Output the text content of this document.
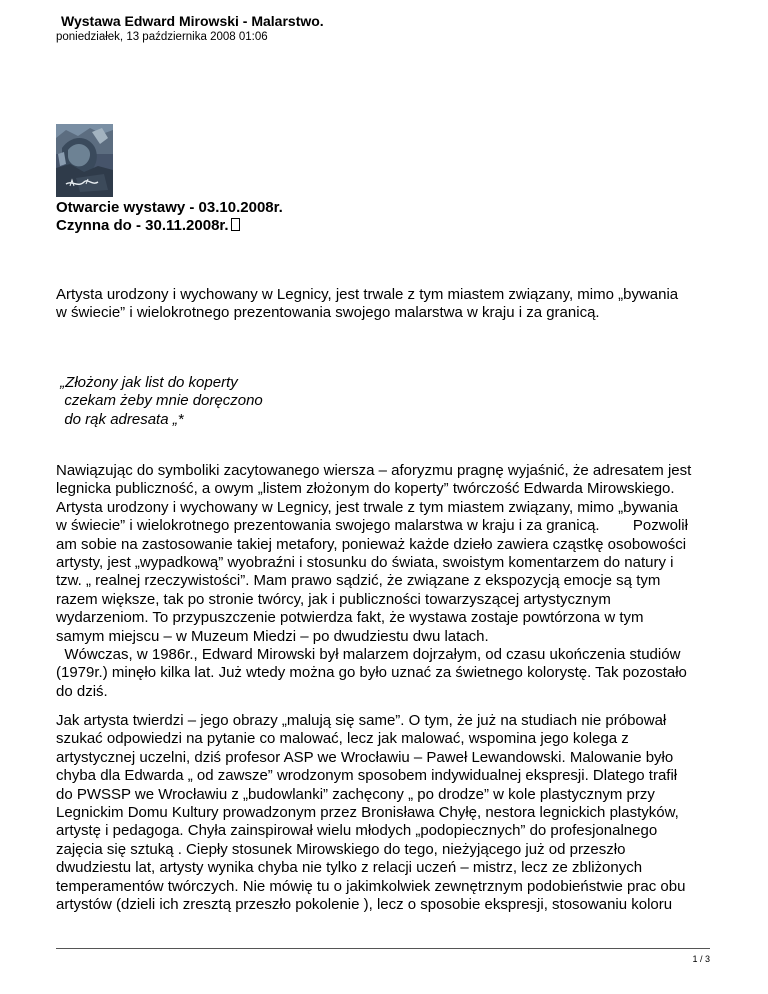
Wystawa Edward Mirowski - Malarstwo.
poniedziałek, 13 października 2008 01:06
Otwarcie wystawy - 03.10.2008r.
Czynna do - 30.11.2008r.

Artysta urodzony i wychowany w Legnicy, jest trwale z tym miastem związany, mimo „bywania
w świecie” i wielokrotnego prezentowania swojego malarstwa w kraju i za granicą.

„Złożony jak list do koperty
czekam żeby mnie doręczono
do rąk adresata „*

Nawiązując do symboliki zacytowanego wiersza – aforyzmu pragnę wyjaśnić, że adresatem jest
legnicka publiczność, a owym „listem złożonym do koperty” twórczość Edwarda Mirowskiego.
Artysta urodzony i wychowany w Legnicy, jest trwale z tym miastem związany, mimo „bywania
w świecie” i wielokrotnego prezentowania swojego malarstwa w kraju i za granicą.        Pozwolił
am sobie na zastosowanie takiej metafory, ponieważ każde dzieło zawiera cząstkę osobowości
artysty, jest „wypadkową” wyobraźni i stosunku do świata, swoistym komentarzem do natury i
tzw. „ realnej rzeczywistości”. Mam prawo sądzić, że związane z ekspozycją emocje są tym
razem większe, tak po stronie twórcy, jak i publiczności towarzyszącej artystycznym
wydarzeniom. To przypuszczenie potwierdza fakt, że wystawa zostaje powtórzona w tym
samym miejscu – w Muzeum Miedzi – po dwudziestu dwu latach.
Wówczas, w 1986r., Edward Mirowski był malarzem dojrzałym, od czasu ukończenia studiów
(1979r.) minęło kilka lat. Już wtedy można go było uznać za świetnego kolorystę. Tak pozostało
do dziś.

Jak artysta twierdzi – jego obrazy „malują się same”. O tym, że już na studiach nie próbował
szukać odpowiedzi na pytanie co malować, lecz jak malować, wspomina jego kolega z
artystycznej uczelni, dziś profesor ASP we Wrocławiu – Paweł Lewandowski. Malowanie było
chyba dla Edwarda „ od zawsze” wrodzonym sposobem indywidualnej ekspresji. Dlatego trafił
do PWSSP we Wrocławiu z „budowlanki” zachęcony „ po drodze” w kole plastycznym przy
Legnickim Domu Kultury prowadzonym przez Bronisława Chyłę, nestora legnickich plastyków,
artystę i pedagoga. Chyła zainspirował wielu młodych „podopiecznych” do profesjonalnego
zajęcia się sztuką . Ciepły stosunek Mirowskiego do tego, nieżyjącego już od przeszło
dwudziestu lat, artysty wynika chyba nie tylko z relacji uczeń – mistrz, lecz ze zbliżonych
temperamentów twórczych. Nie mówię tu o jakimkolwiek zewnętrznym podobieństwie prac obu
artystów (dzieli ich zresztą przeszło pokolenie ), lecz o sposobie ekspresji, stosowaniu koloru

1 / 3
